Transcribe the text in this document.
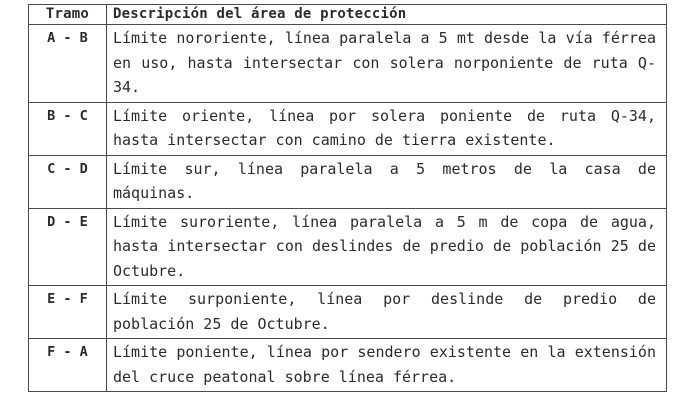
Tramo	Descripción del área de protección
A - B	Límite nororiente, línea paralela a 5 mt desde la vía férrea en uso, hasta intersectar con solera norponiente de ruta Q-34.
B - C	Límite oriente, línea por solera poniente de ruta Q-34, hasta intersectar con camino de tierra existente.
C - D	Límite sur, línea paralela a 5 metros de la casa de máquinas.
D - E	Límite suroriente, línea paralela a 5 m de copa de agua, hasta intersectar con deslindes de predio de población 25 de Octubre.
E - F	Límite surponiente, línea por deslinde de predio de población 25 de Octubre.
F - A	Límite poniente, línea por sendero existente en la extensión del cruce peatonal sobre línea férrea.
